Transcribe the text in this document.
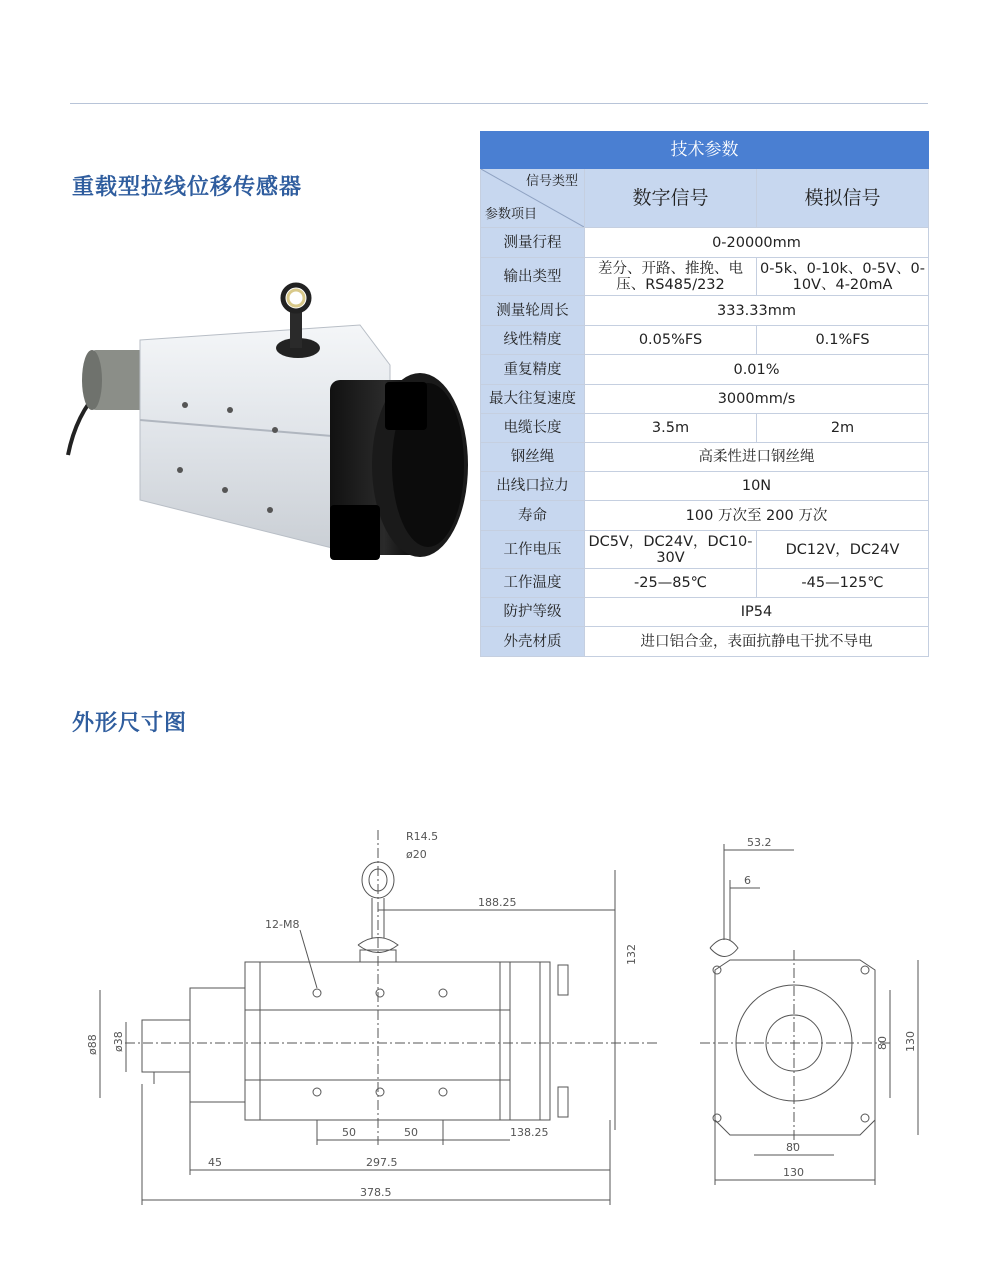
重载型拉线位移传感器
技术参数		

信号类型
参数项目	数字信号	模拟信号
测量行程	0-20000mm	
输出类型	差分、开路、推挽、电压、RS485/232	0-5k、0-10k、0-5V、0-10V、4-20mA
测量轮周长	333.33mm	
线性精度	0.05%FS	0.1%FS
重复精度	0.01%	
最大往复速度	3000mm/s	
电缆长度	3.5m	2m
钢丝绳	高柔性进口钢丝绳	
出线口拉力	10N	
寿命	100 万次至 200 万次	
工作电压	DC5V，DC24V，DC10-30V	DC12V，DC24V
工作温度	-25—85℃	-45—125℃
防护等级	IP54	
外壳材质	进口铝合金，表面抗静电干扰不导电	
外形尺寸图
R14.5
ø20
12-M8
188.25
132
ø88 ø38
50	50	138.25
45	297.5
378.5
53.2
6
80 130
80
130
